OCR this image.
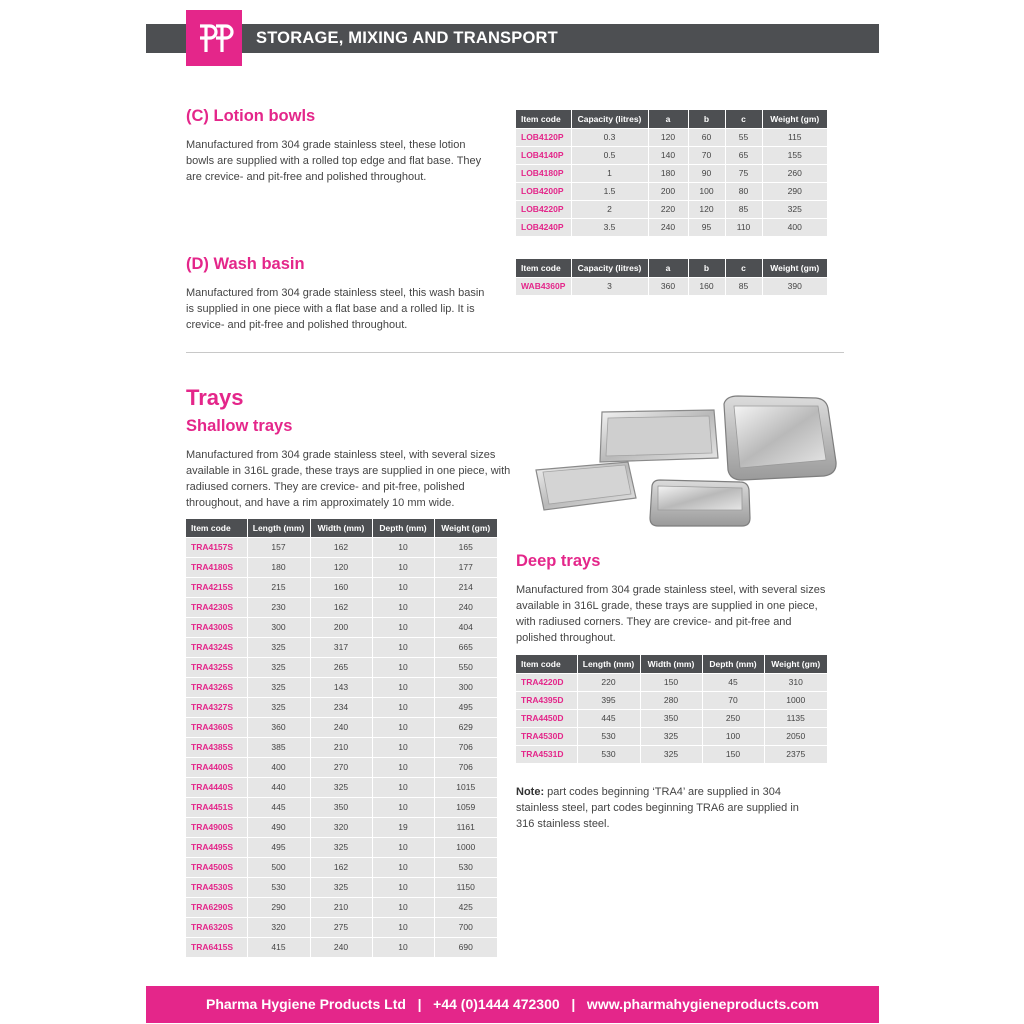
STORAGE, MIXING AND TRANSPORT
(C) Lotion bowls
Manufactured from 304 grade stainless steel, these lotion bowls are supplied with a rolled top edge and flat base. They are crevice- and pit-free and polished throughout.
Item code	Capacity (litres)	a	b	c	Weight (gm)
LOB4120P	0.3	120	60	55	115
LOB4140P	0.5	140	70	65	155
LOB4180P	1	180	90	75	260
LOB4200P	1.5	200	100	80	290
LOB4220P	2	220	120	85	325
LOB4240P	3.5	240	95	110	400
(D) Wash basin
Manufactured from 304 grade stainless steel, this wash basin is supplied in one piece with a flat base and a rolled lip. It is crevice- and pit-free and polished throughout.
Item code	Capacity (litres)	a	b	c	Weight (gm)
WAB4360P	3	360	160	85	390
Trays
Shallow trays
Manufactured from 304 grade stainless steel, with several sizes available in 316L grade, these trays are supplied in one piece, with radiused corners. They are crevice- and pit-free, polished throughout, and have a rim approximately 10 mm wide.
Item code	Length (mm)	Width (mm)	Depth (mm)	Weight (gm)
TRA4157S	157	162	10	165
TRA4180S	180	120	10	177
TRA4215S	215	160	10	214
TRA4230S	230	162	10	240
TRA4300S	300	200	10	404
TRA4324S	325	317	10	665
TRA4325S	325	265	10	550
TRA4326S	325	143	10	300
TRA4327S	325	234	10	495
TRA4360S	360	240	10	629
TRA4385S	385	210	10	706
TRA4400S	400	270	10	706
TRA4440S	440	325	10	1015
TRA4451S	445	350	10	1059
TRA4900S	490	320	19	1161
TRA4495S	495	325	10	1000
TRA4500S	500	162	10	530
TRA4530S	530	325	10	1150
TRA6290S	290	210	10	425
TRA6320S	320	275	10	700
TRA6415S	415	240	10	690
Deep trays
Manufactured from 304 grade stainless steel, with several sizes available in 316L grade, these trays are supplied in one piece, with radiused corners. They are crevice- and pit-free and polished throughout.
Item code	Length (mm)	Width (mm)	Depth (mm)	Weight (gm)
TRA4220D	220	150	45	310
TRA4395D	395	280	70	1000
TRA4450D	445	350	250	1135
TRA4530D	530	325	100	2050
TRA4531D	530	325	150	2375
Note: part codes beginning ‘TRA4’ are supplied in 304 stainless steel, part codes beginning TRA6 are supplied in 316 stainless steel.
Pharma Hygiene Products Ltd   |   +44 (0)1444 472300   |   www.pharmahygieneproducts.com
